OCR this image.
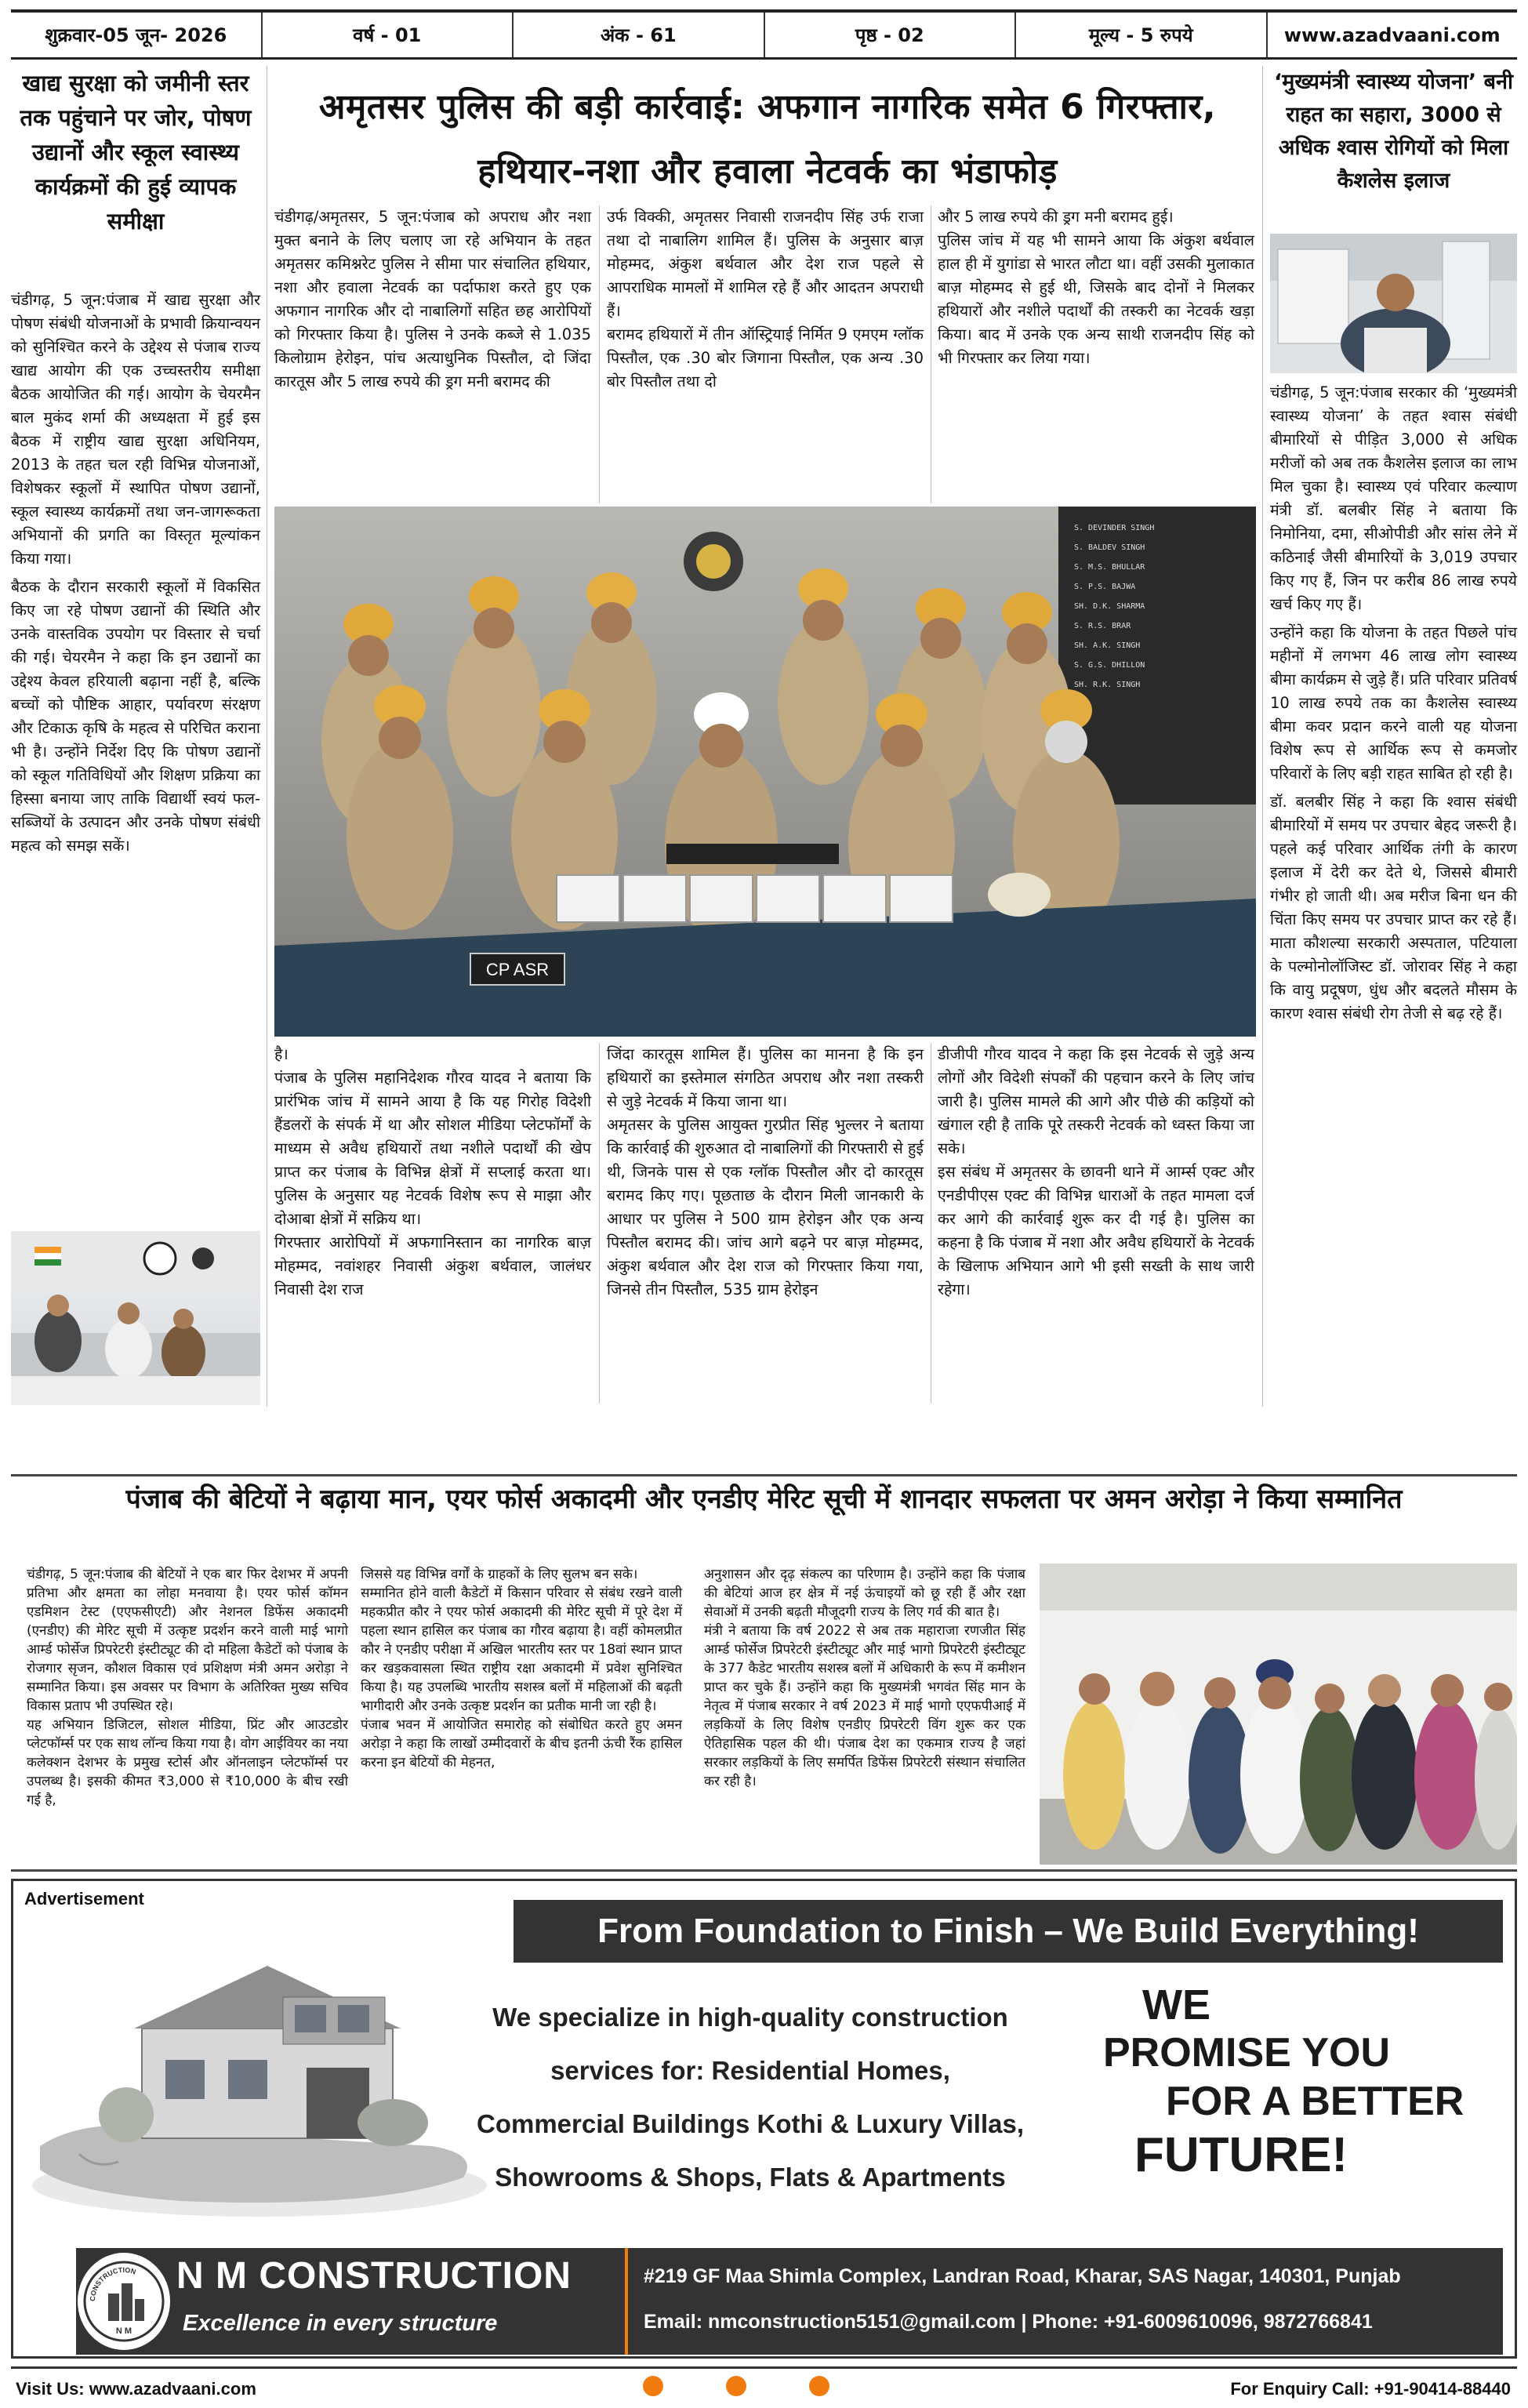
शुक्रवार-05 जून- 2026	वर्ष - 01	अंक - 61	पृष्ठ - 02	मूल्य - 5 रुपये	www.azadvaani.com
खाद्य सुरक्षा को जमीनी स्तर तक पहुंचाने पर जोर, पोषण उद्यानों और स्कूल स्वास्थ्य कार्यक्रमों की हुई व्यापक समीक्षा

चंडीगढ़, 5 जून:पंजाब में खाद्य सुरक्षा और पोषण संबंधी योजनाओं के प्रभावी क्रियान्वयन को सुनिश्चित करने के उद्देश्य से पंजाब राज्य खाद्य आयोग की एक उच्चस्तरीय समीक्षा बैठक आयोजित की गई। आयोग के चेयरमैन बाल मुकंद शर्मा की अध्यक्षता में हुई इस बैठक में राष्ट्रीय खाद्य सुरक्षा अधिनियम, 2013 के तहत चल रही विभिन्न योजनाओं, विशेषकर स्कूलों में स्थापित पोषण उद्यानों, स्कूल स्वास्थ्य कार्यक्रमों तथा जन-जागरूकता अभियानों की प्रगति का विस्तृत मूल्यांकन किया गया।

बैठक के दौरान सरकारी स्कूलों में विकसित किए जा रहे पोषण उद्यानों की स्थिति और उनके वास्तविक उपयोग पर विस्तार से चर्चा की गई। चेयरमैन ने कहा कि इन उद्यानों का उद्देश्य केवल हरियाली बढ़ाना नहीं है, बल्कि बच्चों को पौष्टिक आहार, पर्यावरण संरक्षण और टिकाऊ कृषि के महत्व से परिचित कराना भी है। उन्होंने निर्देश दिए कि पोषण उद्यानों को स्कूल गतिविधियों और शिक्षण प्रक्रिया का हिस्सा बनाया जाए ताकि विद्यार्थी स्वयं फल-सब्जियों के उत्पादन और उनके पोषण संबंधी महत्व को समझ सकें।

अमृतसर पुलिस की बड़ी कार्रवाई: अफगान नागरिक समेत 6 गिरफ्तार, हथियार-नशा और हवाला नेटवर्क का भंडाफोड़
चंडीगढ़/अमृतसर, 5 जून:पंजाब को अपराध और नशा मुक्त बनाने के लिए चलाए जा रहे अभियान के तहत अमृतसर कमिश्नरेट पुलिस ने सीमा पार संचालित हथियार, नशा और हवाला नेटवर्क का पर्दाफाश करते हुए एक अफगान नागरिक और दो नाबालिगों सहित छह आरोपियों को गिरफ्तार किया है। पुलिस ने उनके कब्जे से 1.035 किलोग्राम हेरोइन, पांच अत्याधुनिक पिस्तौल, दो जिंदा कारतूस और 5 लाख रुपये की ड्रग मनी बरामद की
उर्फ विक्की, अमृतसर निवासी राजनदीप सिंह उर्फ राजा तथा दो नाबालिग शामिल हैं। पुलिस के अनुसार बाज़ मोहम्मद, अंकुश बर्थवाल और देश राज पहले से आपराधिक मामलों में शामिल रहे हैं और आदतन अपराधी हैं।
बरामद हथियारों में तीन ऑस्ट्रियाई निर्मित 9 एमएम ग्लॉक पिस्तौल, एक .30 बोर जिगाना पिस्तौल, एक अन्य .30 बोर पिस्तौल तथा दो
और 5 लाख रुपये की ड्रग मनी बरामद हुई।
पुलिस जांच में यह भी सामने आया कि अंकुश बर्थवाल हाल ही में युगांडा से भारत लौटा था। वहीं उसकी मुलाकात बाज़ मोहम्मद से हुई थी, जिसके बाद दोनों ने मिलकर हथियारों और नशीले पदार्थों की तस्करी का नेटवर्क खड़ा किया। बाद में उनके एक अन्य साथी राजनदीप सिंह को भी गिरफ्तार कर लिया गया।
S. DEVINDER SINGH
S. BALDEV SINGH
S. M.S. BHULLAR
S. P.S. BAJWA
SH. D.K. SHARMA
S. R.S. BRAR
SH. A.K. SINGH
S. G.S. DHILLON
SH. R.K. SINGH
CP ASR
है।
पंजाब के पुलिस महानिदेशक गौरव यादव ने बताया कि प्रारंभिक जांच में सामने आया है कि यह गिरोह विदेशी हैंडलरों के संपर्क में था और सोशल मीडिया प्लेटफॉर्मों के माध्यम से अवैध हथियारों तथा नशीले पदार्थों की खेप प्राप्त कर पंजाब के विभिन्न क्षेत्रों में सप्लाई करता था। पुलिस के अनुसार यह नेटवर्क विशेष रूप से माझा और दोआबा क्षेत्रों में सक्रिय था।
गिरफ्तार आरोपियों में अफगानिस्तान का नागरिक बाज़ मोहम्मद, नवांशहर निवासी अंकुश बर्थवाल, जालंधर निवासी देश राज
जिंदा कारतूस शामिल हैं। पुलिस का मानना है कि इन हथियारों का इस्तेमाल संगठित अपराध और नशा तस्करी से जुड़े नेटवर्क में किया जाना था।
अमृतसर के पुलिस आयुक्त गुरप्रीत सिंह भुल्लर ने बताया कि कार्रवाई की शुरुआत दो नाबालिगों की गिरफ्तारी से हुई थी, जिनके पास से एक ग्लॉक पिस्तौल और दो कारतूस बरामद किए गए। पूछताछ के दौरान मिली जानकारी के आधार पर पुलिस ने 500 ग्राम हेरोइन और एक अन्य पिस्तौल बरामद की। जांच आगे बढ़ने पर बाज़ मोहम्मद, अंकुश बर्थवाल और देश राज को गिरफ्तार किया गया, जिनसे तीन पिस्तौल, 535 ग्राम हेरोइन
डीजीपी गौरव यादव ने कहा कि इस नेटवर्क से जुड़े अन्य लोगों और विदेशी संपर्कों की पहचान करने के लिए जांच जारी है। पुलिस मामले की आगे और पीछे की कड़ियों को खंगाल रही है ताकि पूरे तस्करी नेटवर्क को ध्वस्त किया जा सके।
इस संबंध में अमृतसर के छावनी थाने में आर्म्स एक्ट और एनडीपीएस एक्ट की विभिन्न धाराओं के तहत मामला दर्ज कर आगे की कार्रवाई शुरू कर दी गई है। पुलिस का कहना है कि पंजाब में नशा और अवैध हथियारों के नेटवर्क के खिलाफ अभियान आगे भी इसी सख्ती के साथ जारी रहेगा।
‘मुख्यमंत्री स्वास्थ्य योजना’ बनी राहत का सहारा, 3000 से अधिक श्वास रोगियों को मिला कैशलेस इलाज

चंडीगढ़, 5 जून:पंजाब सरकार की ‘मुख्यमंत्री स्वास्थ्य योजना’ के तहत श्वास संबंधी बीमारियों से पीड़ित 3,000 से अधिक मरीजों को अब तक कैशलेस इलाज का लाभ मिल चुका है। स्वास्थ्य एवं परिवार कल्याण मंत्री डॉ. बलबीर सिंह ने बताया कि निमोनिया, दमा, सीओपीडी और सांस लेने में कठिनाई जैसी बीमारियों के 3,019 उपचार किए गए हैं, जिन पर करीब 86 लाख रुपये खर्च किए गए हैं।

उन्होंने कहा कि योजना के तहत पिछले पांच महीनों में लगभग 46 लाख लोग स्वास्थ्य बीमा कार्यक्रम से जुड़े हैं। प्रति परिवार प्रतिवर्ष 10 लाख रुपये तक का कैशलेस स्वास्थ्य बीमा कवर प्रदान करने वाली यह योजना विशेष रूप से आर्थिक रूप से कमजोर परिवारों के लिए बड़ी राहत साबित हो रही है।

डॉ. बलबीर सिंह ने कहा कि श्वास संबंधी बीमारियों में समय पर उपचार बेहद जरूरी है। पहले कई परिवार आर्थिक तंगी के कारण इलाज में देरी कर देते थे, जिससे बीमारी गंभीर हो जाती थी। अब मरीज बिना धन की चिंता किए समय पर उपचार प्राप्त कर रहे हैं।माता कौशल्या सरकारी अस्पताल, पटियाला के पल्मोनोलॉजिस्ट डॉ. जोरावर सिंह ने कहा कि वायु प्रदूषण, धुंध और बदलते मौसम के कारण श्वास संबंधी रोग तेजी से बढ़ रहे हैं।

पंजाब की बेटियों ने बढ़ाया मान, एयर फोर्स अकादमी और एनडीए मेरिट सूची में शानदार सफलता पर अमन अरोड़ा ने किया सम्मानित
चंडीगढ़, 5 जून:पंजाब की बेटियों ने एक बार फिर देशभर में अपनी प्रतिभा और क्षमता का लोहा मनवाया है। एयर फोर्स कॉमन एडमिशन टेस्ट (एएफसीएटी) और नेशनल डिफेंस अकादमी (एनडीए) की मेरिट सूची में उत्कृष्ट प्रदर्शन करने वाली माई भागो आर्म्ड फोर्सेज प्रिपरेटरी इंस्टीट्यूट की दो महिला कैडेटों को पंजाब के रोजगार सृजन, कौशल विकास एवं प्रशिक्षण मंत्री अमन अरोड़ा ने सम्मानित किया। इस अवसर पर विभाग के अतिरिक्त मुख्य सचिव विकास प्रताप भी उपस्थित रहे।
यह अभियान डिजिटल, सोशल मीडिया, प्रिंट और आउटडोर प्लेटफॉर्म्स पर एक साथ लॉन्च किया गया है। वोग आईवियर का नया कलेक्शन देशभर के प्रमुख स्टोर्स और ऑनलाइन प्लेटफॉर्म्स पर उपलब्ध है। इसकी कीमत ₹3,000 से ₹10,000 के बीच रखी गई है,
जिससे यह विभिन्न वर्गों के ग्राहकों के लिए सुलभ बन सके।
सम्मानित होने वाली कैडेटों में किसान परिवार से संबंध रखने वाली महकप्रीत कौर ने एयर फोर्स अकादमी की मेरिट सूची में पूरे देश में पहला स्थान हासिल कर पंजाब का गौरव बढ़ाया है। वहीं कोमलप्रीत कौर ने एनडीए परीक्षा में अखिल भारतीय स्तर पर 18वां स्थान प्राप्त कर खड़कवासला स्थित राष्ट्रीय रक्षा अकादमी में प्रवेश सुनिश्चित किया है। यह उपलब्धि भारतीय सशस्त्र बलों में महिलाओं की बढ़ती भागीदारी और उनके उत्कृष्ट प्रदर्शन का प्रतीक मानी जा रही है।
पंजाब भवन में आयोजित समारोह को संबोधित करते हुए अमन अरोड़ा ने कहा कि लाखों उम्मीदवारों के बीच इतनी ऊंची रैंक हासिल करना इन बेटियों की मेहनत,
अनुशासन और दृढ़ संकल्प का परिणाम है। उन्होंने कहा कि पंजाब की बेटियां आज हर क्षेत्र में नई ऊंचाइयों को छू रही हैं और रक्षा सेवाओं में उनकी बढ़ती मौजूदगी राज्य के लिए गर्व की बात है।
मंत्री ने बताया कि वर्ष 2022 से अब तक महाराजा रणजीत सिंह आर्म्ड फोर्सेज प्रिपरेटरी इंस्टीट्यूट और माई भागो प्रिपरेटरी इंस्टीट्यूट के 377 कैडेट भारतीय सशस्त्र बलों में अधिकारी के रूप में कमीशन प्राप्त कर चुके हैं। उन्होंने कहा कि मुख्यमंत्री भगवंत सिंह मान के नेतृत्व में पंजाब सरकार ने वर्ष 2023 में माई भागो एएफपीआई में लड़कियों के लिए विशेष एनडीए प्रिपरेटरी विंग शुरू कर एक ऐतिहासिक पहल की थी। पंजाब देश का एकमात्र राज्य है जहां सरकार लड़कियों के लिए समर्पित डिफेंस प्रिपरेटरी संस्थान संचालित कर रही है।
Advertisement
From Foundation to Finish – We Build Everything!
We specialize in high-quality construction
services for: Residential Homes,
Commercial Buildings Kothi & Luxury Villas,
Showrooms & Shops, Flats & Apartments
WE
PROMISE YOU
FOR A BETTER
FUTURE!
CONSTRUCTION
N M
N M CONSTRUCTION
Excellence in every structure
#219 GF Maa Shimla Complex, Landran Road, Kharar, SAS Nagar, 140301, Punjab
Email: nmconstruction5151@gmail.com | Phone: +91-6009610096, 9872766841
Visit Us: www.azadvaani.com	For Enquiry Call: +91-90414-88440
